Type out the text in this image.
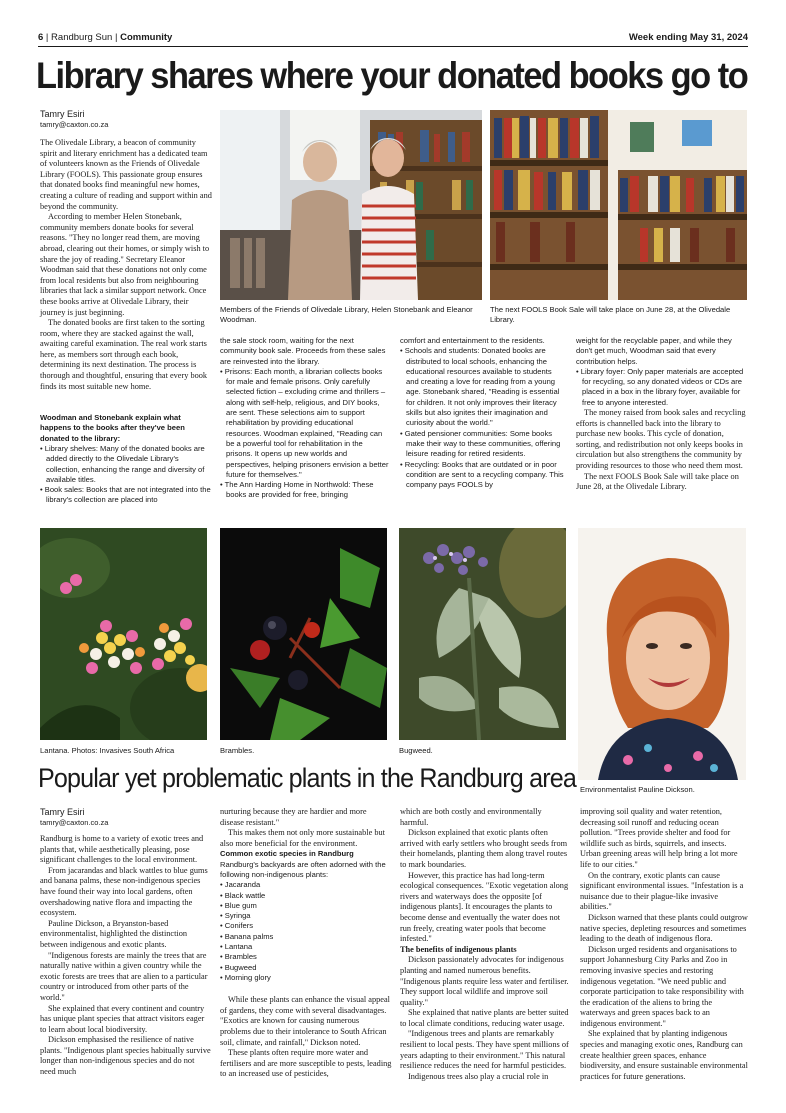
6 | Randburg Sun | Community	Week ending May 31, 2024
Library shares where your donated books go to
Tamry Esiri
tamry@caxton.co.za

The Olivedale Library, a beacon of community spirit and literary enrichment has a dedicated team of volunteers known as the Friends of Olivedale Library (FOOLS). This passionate group ensures that donated books find meaningful new homes, creating a culture of reading and support within and beyond the community.

According to member Helen Stonebank, community members donate books for several reasons. "They no longer read them, are moving abroad, clearing out their homes, or simply wish to share the joy of reading." Secretary Eleanor Woodman said that these donations not only come from local residents but also from neighbouring libraries that lack a similar support network. Once these books arrive at Olivedale Library, their journey is just beginning.

The donated books are first taken to the sorting room, where they are stacked against the wall, awaiting careful examination. The real work starts here, as members sort through each book, determining its next destination. The process is thorough and thoughtful, ensuring that every book finds its most suitable new home.

Woodman and Stonebank explain what happens to the books after they've been donated to the library:
• Library shelves: Many of the donated books are added directly to the Olivedale Library's collection, enhancing the range and diversity of available titles.
• Book sales: Books that are not integrated into the library's collection are placed into
Members of the Friends of Olivedale Library, Helen Stonebank and Eleanor Woodman.
The next FOOLS Book Sale will take place on June 28, at the Olivedale Library.

the sale stock room, waiting for the next community book sale. Proceeds from these sales are reinvested into the library.

• Prisons: Each month, a librarian collects books for male and female prisons. Only carefully selected fiction – excluding crime and thrillers – along with self-help, religious, and DIY books, are sent. These selections aim to support rehabilitation by providing educational resources. Woodman explained, "Reading can be a powerful tool for rehabilitation in the prisons. It opens up new worlds and perspectives, helping prisoners envision a better future for themselves."
• The Ann Harding Home in Northwold: These books are provided for free, bringing

comfort and entertainment to the residents.

• Schools and students: Donated books are distributed to local schools, enhancing the educational resources available to students and creating a love for reading from a young age. Stonebank shared, "Reading is essential for children. It not only improves their literacy skills but also ignites their imagination and curiosity about the world."
• Gated pensioner communities: Some books make their way to these communities, offering leisure reading for retired residents.
• Recycling: Books that are outdated or in poor condition are sent to a recycling company. This company pays FOOLS by

weight for the recyclable paper, and while they don't get much, Woodman said that every contribution helps.

• Library foyer: Only paper materials are accepted for recycling, so any donated videos or CDs are placed in a box in the library foyer, available for free to anyone interested.

The money raised from book sales and recycling efforts is channelled back into the library to purchase new books. This cycle of donation, sorting, and redistribution not only keeps books in circulation but also strengthens the community by providing resources to those who need them most.

The next FOOLS Book Sale will take place on June 28, at the Olivedale Library.

Lantana. Photos: Invasives South Africa	Brambles.	Bugweed.
Environmentalist Pauline Dickson.
Popular yet problematic plants in the Randburg area
Tamry Esiri
tamry@caxton.co.za

Randburg is home to a variety of exotic trees and plants that, while aesthetically pleasing, pose significant challenges to the local environment.

From jacarandas and black wattles to blue gums and banana palms, these non-indigenous species have found their way into local gardens, often overshadowing native flora and impacting the ecosystem.

Pauline Dickson, a Bryanston-based environmentalist, highlighted the distinction between indigenous and exotic plants.

"Indigenous forests are mainly the trees that are naturally native within a given country while the exotic forests are trees that are alien to a particular country or introduced from other parts of the world."

She explained that every continent and country has unique plant species that attract visitors eager to learn about local biodiversity.

Dickson emphasised the resilience of native plants. "Indigenous plant species habitually survive longer than non-indigenous species and do not need much

nurturing because they are hardier and more disease resistant."

This makes them not only more sustainable but also more beneficial for the environment.

Common exotic species in Randburg
Randburg's backyards are often adorned with the following non-indigenous plants:
• Jacaranda
• Black wattle
• Blue gum
• Syringa
• Conifers
• Banana palms
• Lantana
• Brambles
• Bugweed
• Morning glory

While these plants can enhance the visual appeal of gardens, they come with several disadvantages. "Exotics are known for causing numerous problems due to their intolerance to South African soil, climate, and rainfall," Dickson noted.

These plants often require more water and fertilisers and are more susceptible to pests, leading to an increased use of pesticides,

which are both costly and environmentally harmful.

Dickson explained that exotic plants often arrived with early settlers who brought seeds from their homelands, planting them along travel routes to mark boundaries.

However, this practice has had long-term ecological consequences. "Exotic vegetation along rivers and waterways does the opposite [of indigenous plants]. It encourages the plants to become dense and eventually the water does not run freely, creating water pools that become infested."

The benefits of indigenous plants

Dickson passionately advocates for indigenous planting and named numerous benefits. "Indigenous plants require less water and fertiliser. They support local wildlife and improve soil quality."

She explained that native plants are better suited to local climate conditions, reducing water usage.

"Indigenous trees and plants are remarkably resilient to local pests. They have spent millions of years adapting to their environment." This natural resilience reduces the need for harmful pesticides.

Indigenous trees also play a crucial role in

improving soil quality and water retention, decreasing soil runoff and reducing ocean pollution. "Trees provide shelter and food for wildlife such as birds, squirrels, and insects. Urban greening areas will help bring a lot more life to our cities."

On the contrary, exotic plants can cause significant environmental issues. "Infestation is a nuisance due to their plague-like invasive abilities."

Dickson warned that these plants could outgrow native species, depleting resources and sometimes leading to the death of indigenous flora.

Dickson urged residents and organisations to support Johannesburg City Parks and Zoo in removing invasive species and restoring indigenous vegetation. "We need public and corporate participation to take responsibility with the eradication of the aliens to bring the waterways and green spaces back to an indigenous environment."

She explained that by planting indigenous species and managing exotic ones, Randburg can create healthier green spaces, enhance biodiversity, and ensure sustainable environmental practices for future generations.
